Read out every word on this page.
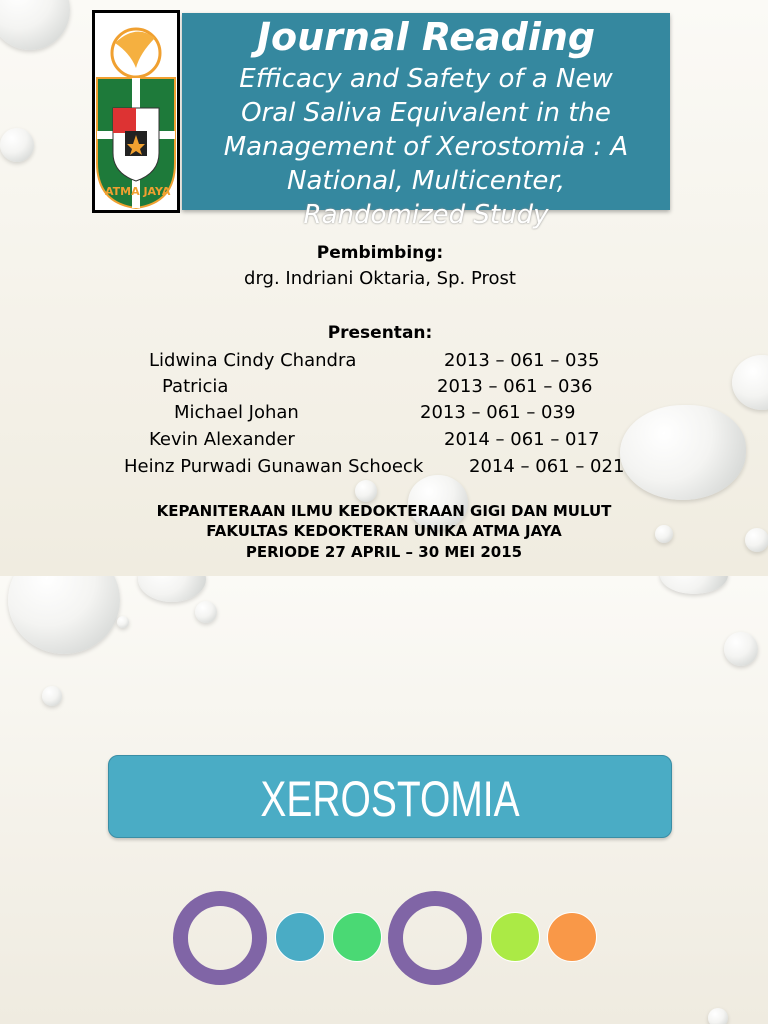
ATMA JAYA
Journal Reading
Efficacy and Safety of a New
Oral Saliva Equivalent in the
Management of Xerostomia : A
National, Multicenter,
Randomized Study
Pembimbing:
drg. Indriani Oktaria, Sp. Prost
Presentan:
Lidwina Cindy Chandra	2013 – 061 – 035
Patricia	2013 – 061 – 036
Michael Johan	2013 – 061 – 039
Kevin Alexander	2014 – 061 – 017
Heinz Purwadi Gunawan Schoeck	2014 – 061 – 021
KEPANITERAAN ILMU KEDOKTERAAN GIGI DAN MULUT
FAKULTAS KEDOKTERAN UNIKA ATMA JAYA
PERIODE 27 APRIL – 30 MEI 2015
XEROSTOMIA
